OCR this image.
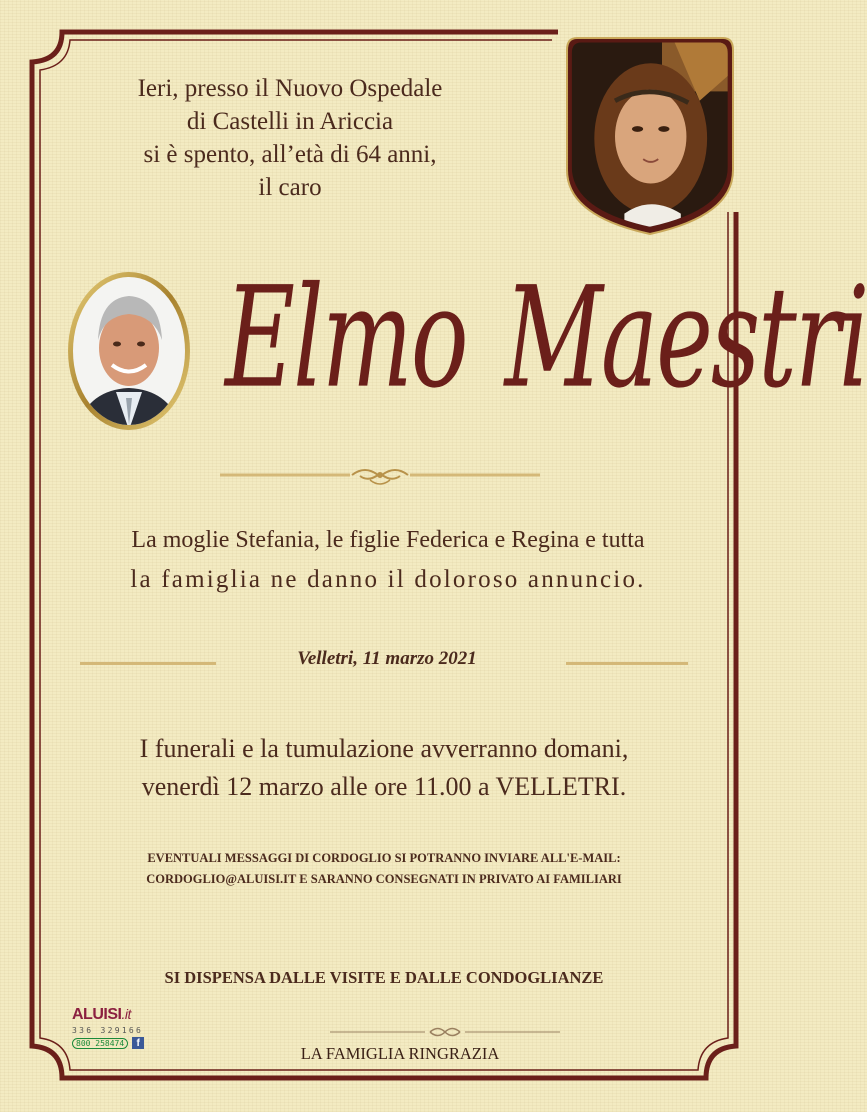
Ieri, presso il Nuovo Ospedale
di Castelli in Ariccia
si è spento, all’età di 64 anni,
il caro
Elmo Maestri
La moglie Stefania, le figlie Federica e Regina e tutta
la famiglia ne danno il doloroso annuncio.
Velletri, 11 marzo 2021
I funerali e la tumulazione avverranno domani,
venerdì 12 marzo alle ore 11.00 a VELLETRI.
EVENTUALI MESSAGGI DI CORDOGLIO SI POTRANNO INVIARE ALL'E-MAIL:
CORDOGLIO@ALUISI.IT E SARANNO CONSEGNATI IN PRIVATO AI FAMILIARI
SI DISPENSA DALLE VISITE E DALLE CONDOGLIANZE
LA FAMIGLIA RINGRAZIA
ALUISI.it
336 329166
800 258474	f
